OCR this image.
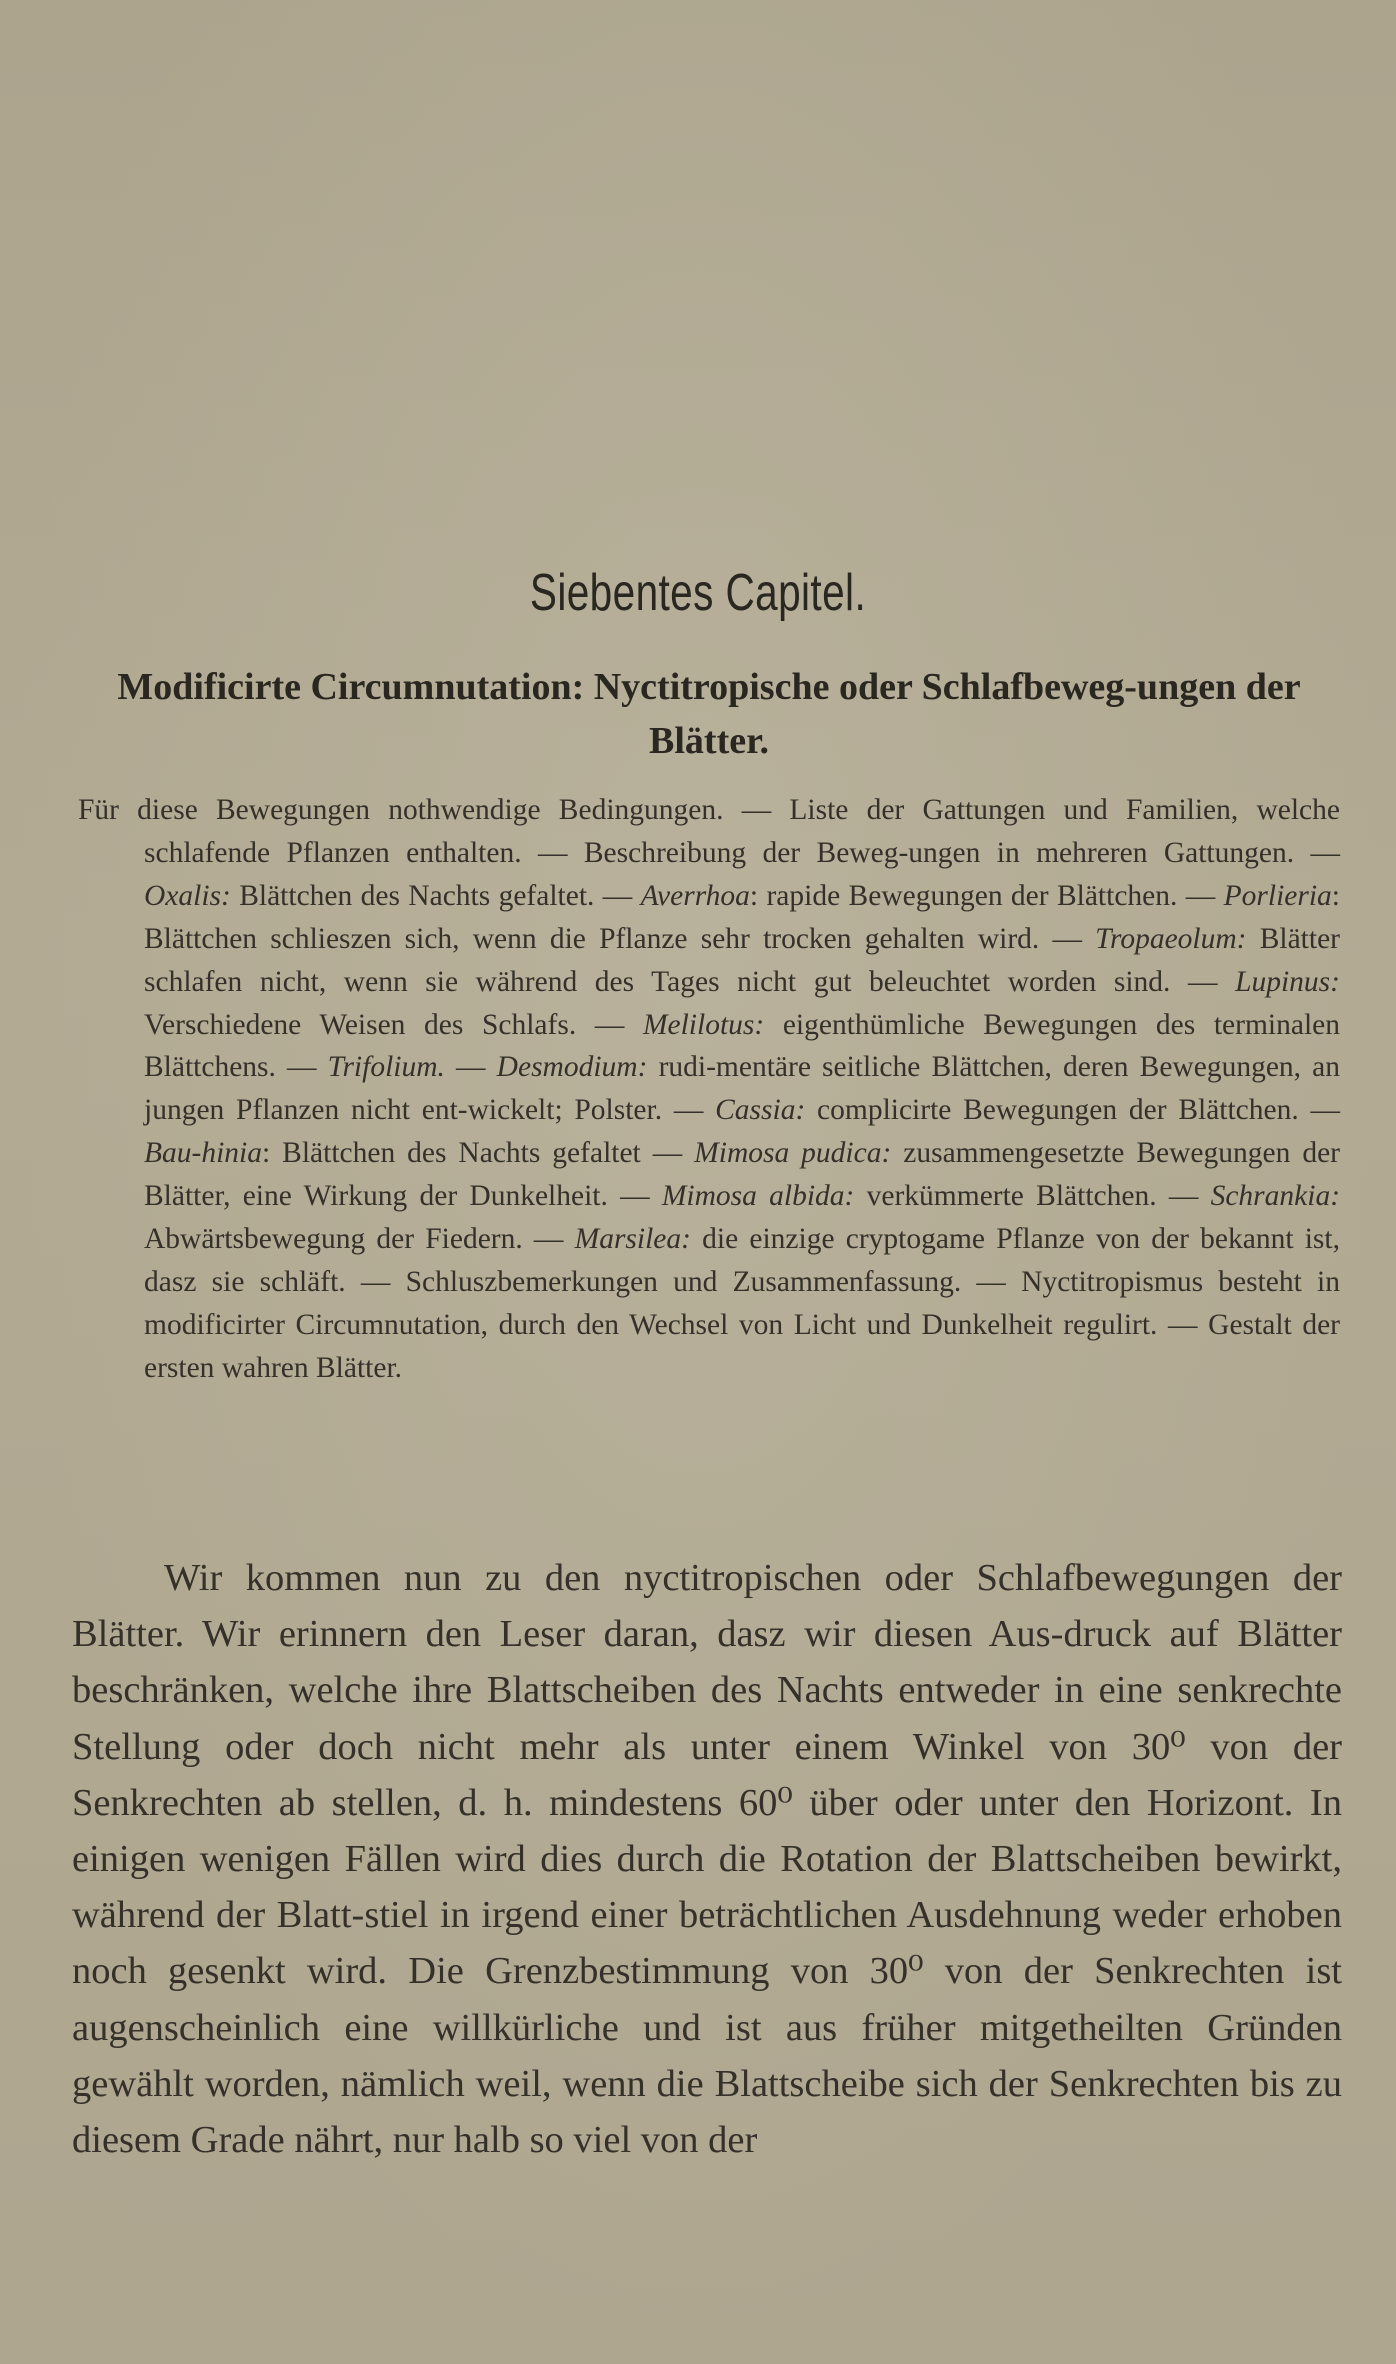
Siebentes Capitel.
Modificirte Circumnutation: Nyctitropische oder Schlafbeweg-ungen der Blätter.

Für diese Bewegungen nothwendige Bedingungen. — Liste der Gattungen und Familien, welche schlafende Pflanzen enthalten. — Beschreibung der Beweg-ungen in mehreren Gattungen. — Oxalis: Blättchen des Nachts gefaltet. — Averrhoa: rapide Bewegungen der Blättchen. — Porlieria: Blättchen schlieszen sich, wenn die Pflanze sehr trocken gehalten wird. — Tropaeolum: Blätter schlafen nicht, wenn sie während des Tages nicht gut beleuchtet worden sind. — Lupinus: Verschiedene Weisen des Schlafs. — Melilotus: eigenthümliche Bewegungen des terminalen Blättchens. — Trifolium. — Desmodium: rudi-mentäre seitliche Blättchen, deren Bewegungen, an jungen Pflanzen nicht ent-wickelt; Polster. — Cassia: complicirte Bewegungen der Blättchen. — Bau-hinia: Blättchen des Nachts gefaltet — Mimosa pudica: zusammengesetzte Bewegungen der Blätter, eine Wirkung der Dunkelheit. — Mimosa albida: verkümmerte Blättchen. — Schrankia: Abwärtsbewegung der Fiedern. — Marsilea: die einzige cryptogame Pflanze von der bekannt ist, dasz sie schläft. — Schluszbemerkungen und Zusammenfassung. — Nyctitropismus besteht in modificirter Circumnutation, durch den Wechsel von Licht und Dunkelheit regulirt. — Gestalt der ersten wahren Blätter.

Wir kommen nun zu den nyctitropischen oder Schlafbewegungen der Blätter. Wir erinnern den Leser daran, dasz wir diesen Aus-druck auf Blätter beschränken, welche ihre Blattscheiben des Nachts entweder in eine senkrechte Stellung oder doch nicht mehr als unter einem Winkel von 30⁰ von der Senkrechten ab stellen, d. h. mindestens 60⁰ über oder unter den Horizont. In einigen wenigen Fällen wird dies durch die Rotation der Blattscheiben bewirkt, während der Blatt-stiel in irgend einer beträchtlichen Ausdehnung weder erhoben noch gesenkt wird. Die Grenzbestimmung von 30⁰ von der Senkrechten ist augenscheinlich eine willkürliche und ist aus früher mitgetheilten Gründen gewählt worden, nämlich weil, wenn die Blattscheibe sich der Senkrechten bis zu diesem Grade nährt, nur halb so viel von der
